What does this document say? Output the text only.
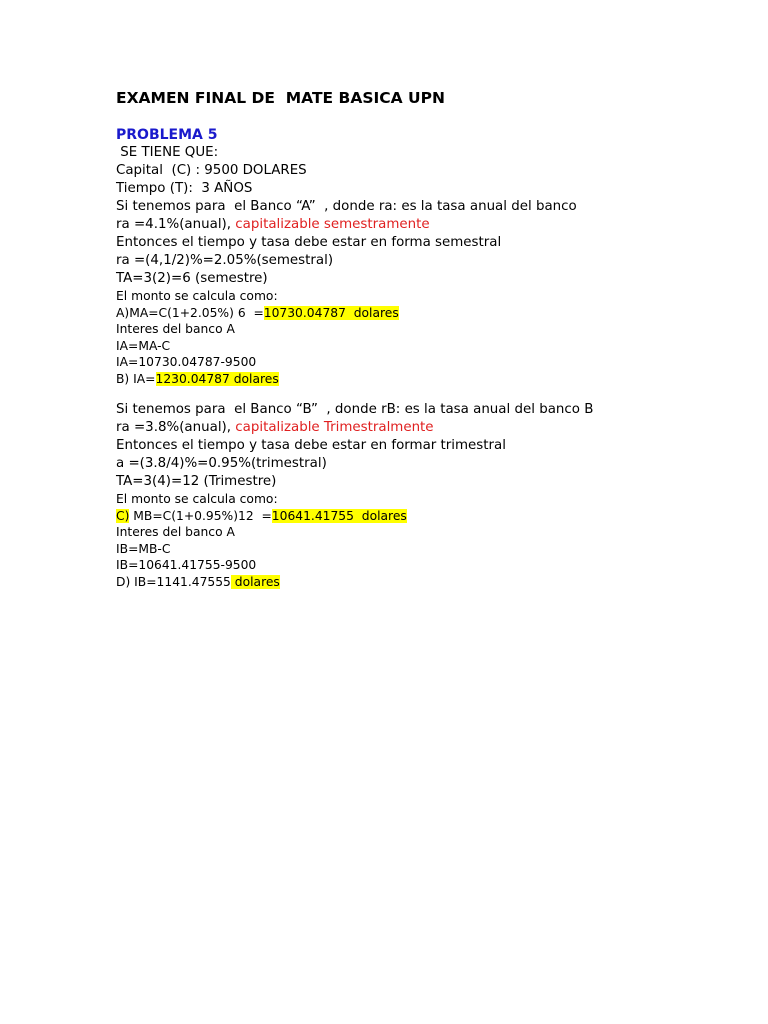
EXAMEN FINAL DE  MATE BASICA UPN
PROBLEMA 5
SE TIENE QUE:
Capital  (C) : 9500 DOLARES
Tiempo (T):  3 AÑOS
Si tenemos para  el Banco “A”  , donde ra: es la tasa anual del banco
ra =4.1%(anual), capitalizable semestramente
Entonces el tiempo y tasa debe estar en forma semestral
ra =(4,1/2)%=2.05%(semestral)
TA=3(2)=6 (semestre)
El monto se calcula como:
A)MA=C(1+2.05%) 6  =10730.04787  dolares
Interes del banco A
IA=MA-C
IA=10730.04787-9500
B) IA=1230.04787 dolares
Si tenemos para  el Banco “B”  , donde rB: es la tasa anual del banco B
ra =3.8%(anual), capitalizable Trimestralmente
Entonces el tiempo y tasa debe estar en formar trimestral
a =(3.8/4)%=0.95%(trimestral)
TA=3(4)=12 (Trimestre)
El monto se calcula como:
C) MB=C(1+0.95%)12  =10641.41755  dolares
Interes del banco A
IB=MB-C
IB=10641.41755-9500
D) IB=1141.47555 dolares
